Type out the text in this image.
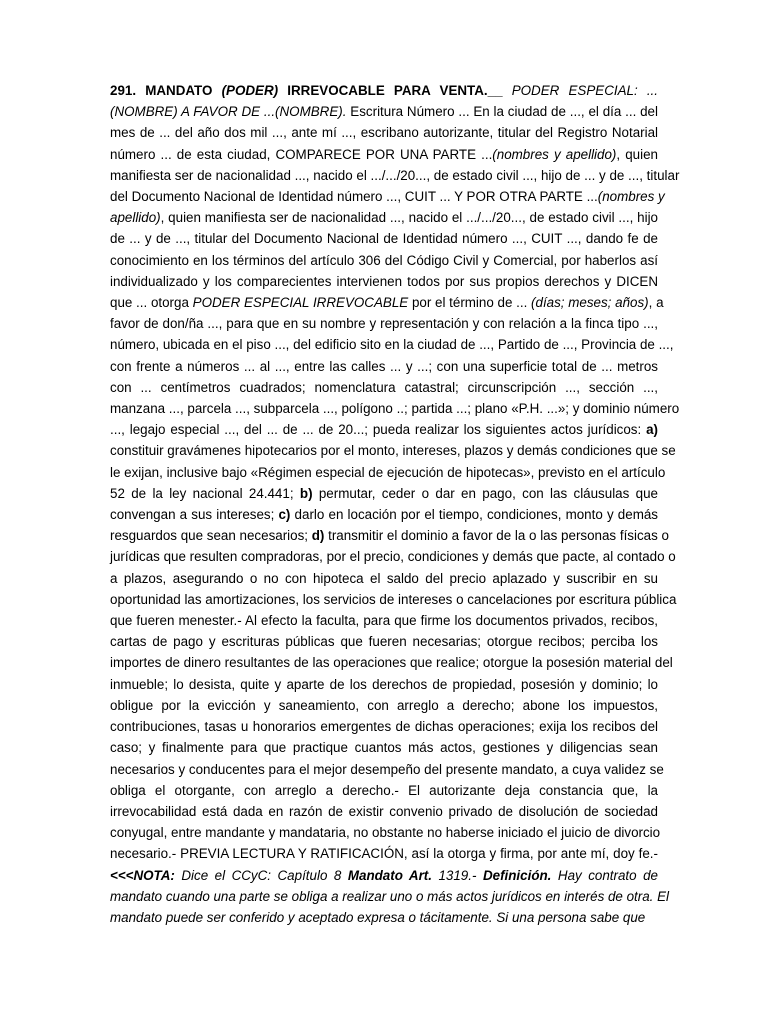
291. MANDATO (PODER) IRREVOCABLE PARA VENTA.__ PODER ESPECIAL: ...
(NOMBRE) A FAVOR DE ...(NOMBRE). Escritura Número ... En la ciudad de ..., el día ... del
mes de ... del año dos mil ..., ante mí ..., escribano autorizante, titular del Registro Notarial
número ... de esta ciudad, COMPARECE POR UNA PARTE ...(nombres y apellido), quien
manifiesta ser de nacionalidad ..., nacido el .../.../20..., de estado civil ..., hijo de ... y de ..., titular
del Documento Nacional de Identidad número ..., CUIT ... Y POR OTRA PARTE ...(nombres y
apellido), quien manifiesta ser de nacionalidad ..., nacido el .../.../20..., de estado civil ..., hijo
de ... y de ..., titular del Documento Nacional de Identidad número ..., CUIT ..., dando fe de
conocimiento en los términos del artículo 306 del Código Civil y Comercial, por haberlos así
individualizado y los comparecientes intervienen todos por sus propios derechos y DICEN
que ... otorga PODER ESPECIAL IRREVOCABLE por el término de ... (días; meses; años), a
favor de don/ña ..., para que en su nombre y representación y con relación a la finca tipo ...,
número, ubicada en el piso ..., del edificio sito en la ciudad de ..., Partido de ..., Provincia de ...,
con frente a números ... al ..., entre las calles ... y ...; con una superficie total de ... metros
con ... centímetros cuadrados; nomenclatura catastral; circunscripción ..., sección ...,
manzana ..., parcela ..., subparcela ..., polígono ..; partida ...; plano «P.H. ...»; y dominio número
..., legajo especial ..., del ... de ... de 20...; pueda realizar los siguientes actos jurídicos: a)
constituir gravámenes hipotecarios por el monto, intereses, plazos y demás condiciones que se
le exijan, inclusive bajo «Régimen especial de ejecución de hipotecas», previsto en el artículo
52 de la ley nacional 24.441; b) permutar, ceder o dar en pago, con las cláusulas que
convengan a sus intereses; c) darlo en locación por el tiempo, condiciones, monto y demás
resguardos que sean necesarios; d) transmitir el dominio a favor de la o las personas físicas o
jurídicas que resulten compradoras, por el precio, condiciones y demás que pacte, al contado o
a plazos, asegurando o no con hipoteca el saldo del precio aplazado y suscribir en su
oportunidad las amortizaciones, los servicios de intereses o cancelaciones por escritura pública
que fueren menester.- Al efecto la faculta, para que firme los documentos privados, recibos,
cartas de pago y escrituras públicas que fueren necesarias; otorgue recibos; perciba los
importes de dinero resultantes de las operaciones que realice; otorgue la posesión material del
inmueble; lo desista, quite y aparte de los derechos de propiedad, posesión y dominio; lo
obligue por la evicción y saneamiento, con arreglo a derecho; abone los impuestos,
contribuciones, tasas u honorarios emergentes de dichas operaciones; exija los recibos del
caso; y finalmente para que practique cuantos más actos, gestiones y diligencias sean
necesarios y conducentes para el mejor desempeño del presente mandato, a cuya validez se
obliga el otorgante, con arreglo a derecho.- El autorizante deja constancia que, la
irrevocabilidad está dada en razón de existir convenio privado de disolución de sociedad
conyugal, entre mandante y mandataria, no obstante no haberse iniciado el juicio de divorcio
necesario.- PREVIA LECTURA Y RATIFICACIÓN, así la otorga y firma, por ante mí, doy fe.-
<<<NOTA: Dice el CCyC: Capítulo 8 Mandato Art. 1319.- Definición. Hay contrato de
mandato cuando una parte se obliga a realizar uno o más actos jurídicos en interés de otra. El
mandato puede ser conferido y aceptado expresa o tácitamente. Si una persona sabe que
